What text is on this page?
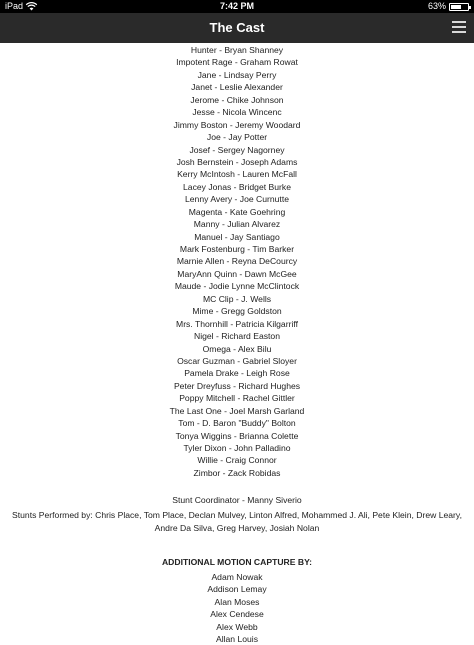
iPad	7:42 PM	63%
The Cast
Hunter - Bryan Shanney
Impotent Rage - Graham Rowat
Jane - Lindsay Perry
Janet - Leslie Alexander
Jerome - Chike Johnson
Jesse - Nicola Wincenc
Jimmy Boston - Jeremy Woodard
Joe - Jay Potter
Josef - Sergey Nagorney
Josh Bernstein - Joseph Adams
Kerry McIntosh - Lauren McFall
Lacey Jonas - Bridget Burke
Lenny Avery - Joe Curnutte
Magenta - Kate Goehring
Manny - Julian Alvarez
Manuel - Jay Santiago
Mark Fostenburg - Tim Barker
Marnie Allen - Reyna DeCourcy
MaryAnn Quinn - Dawn McGee
Maude - Jodie Lynne McClintock
MC Clip - J. Wells
Mime - Gregg Goldston
Mrs. Thornhill - Patricia Kilgarriff
Nigel - Richard Easton
Omega - Alex Bilu
Oscar Guzman - Gabriel Sloyer
Pamela Drake - Leigh Rose
Peter Dreyfuss - Richard Hughes
Poppy Mitchell - Rachel Gittler
The Last One - Joel Marsh Garland
Tom - D. Baron "Buddy" Bolton
Tonya Wiggins - Brianna Colette
Tyler Dixon - John Palladino
Willie - Craig Connor
Zimbor - Zack Robidas
Stunt Coordinator - Manny Siverio
Stunts Performed by: Chris Place, Tom Place, Declan Mulvey, Linton Alfred, Mohammed J. Ali, Pete Klein, Drew Leary,
Andre Da Silva, Greg Harvey, Josiah Nolan
ADDITIONAL MOTION CAPTURE BY:
Adam Nowak
Addison Lemay
Alan Moses
Alex Cendese
Alex Webb
Allan Louis
